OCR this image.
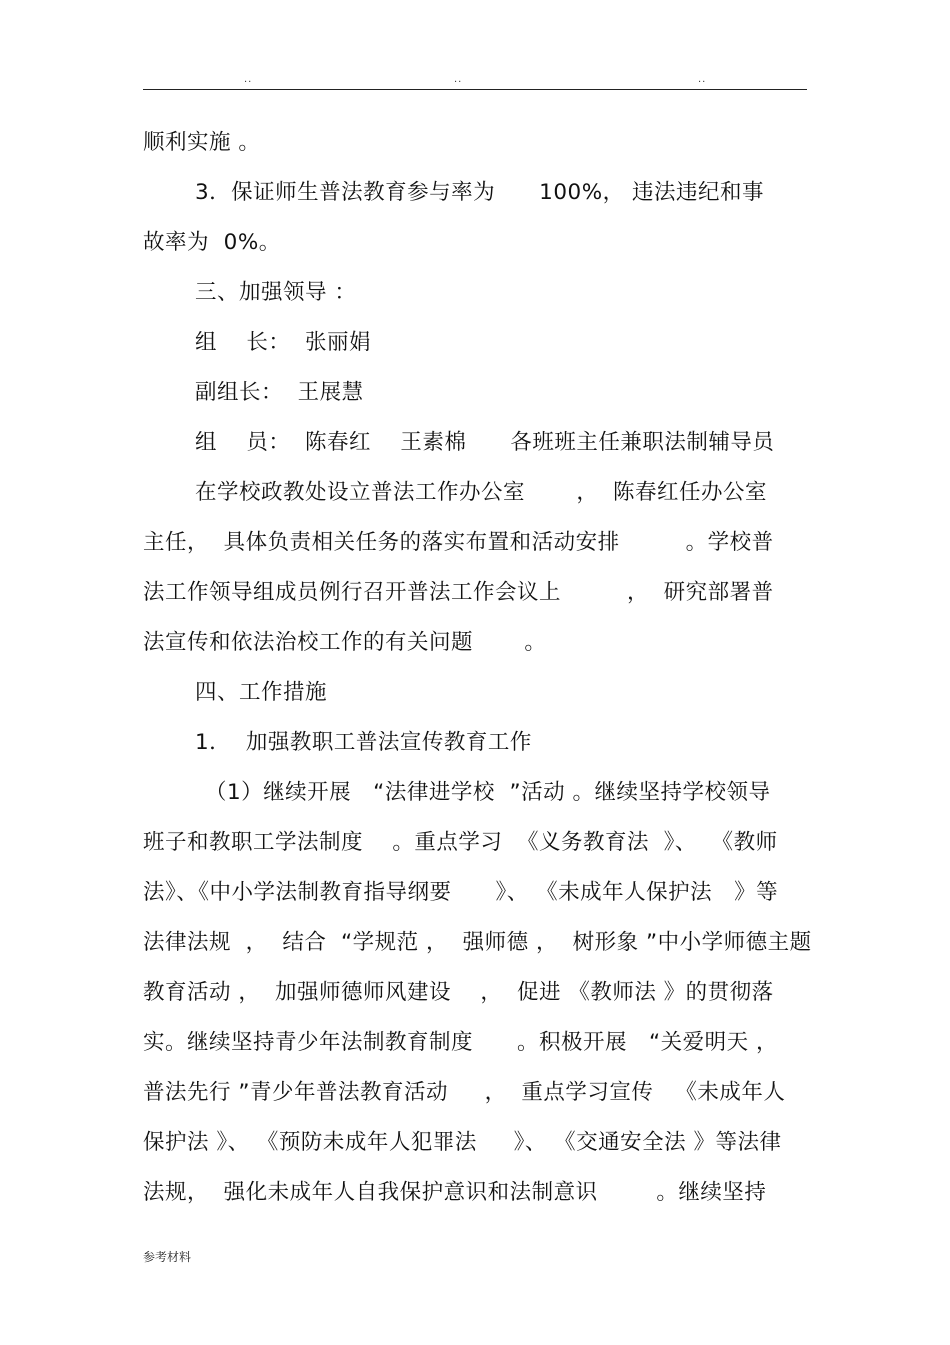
..	..	..
顺利实施 。
3．保证师生普法教育参与率为      100%， 违法违纪和事
故率为  0%。
三、加强领导 ：
组    长：  张丽娟
副组长：  王展慧
组    员：  陈春红    王素棉      各班班主任兼职法制辅导员
在学校政教处设立普法工作办公室       ，  陈春红任办公室
主任，  具体负责相关任务的落实布置和活动安排         。学校普
法工作领导组成员例行召开普法工作会议上         ，  研究部署普
法宣传和依法治校工作的有关问题       。
四、工作措施
1．  加强教职工普法宣传教育工作
（1）继续开展   “法律进学校  ”活动 。继续坚持学校领导
班子和教职工学法制度    。重点学习  《义务教育法  》、  《教师
法》、《中小学法制教育指导纲要      》、 《未成年人保护法   》等
法律法规  ，  结合  “学规范 ，  强师德 ，  树形象 ”中小学师德主题
教育活动 ，  加强师德师风建设    ，  促进 《教师法 》的贯彻落
实。继续坚持青少年法制教育制度      。积极开展   “关爱明天 ，
普法先行 ”青少年普法教育活动     ，  重点学习宣传   《未成年人
保护法 》、 《预防未成年人犯罪法     》、 《交通安全法 》等法律
法规，  强化未成年人自我保护意识和法制意识        。继续坚持
参考材料
